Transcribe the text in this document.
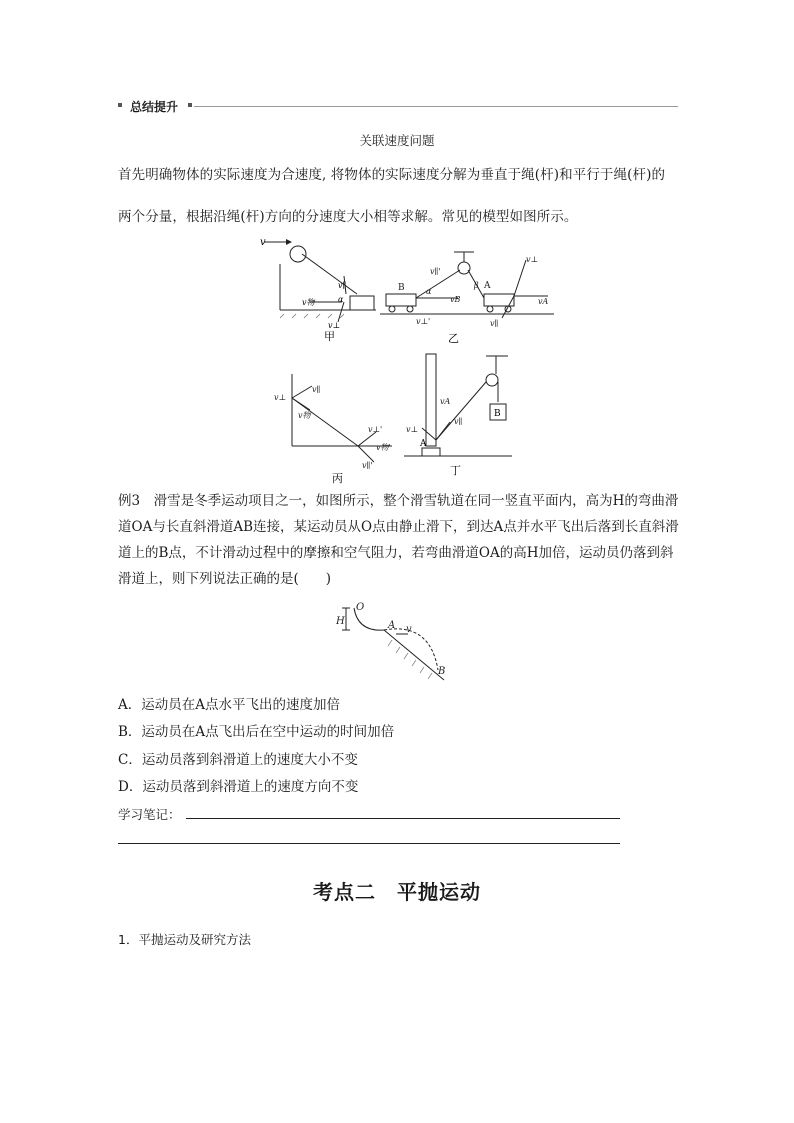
总结提升
关联速度问题
首先明确物体的实际速度为合速度, 将物体的实际速度分解为垂直于绳(杆)和平行于绳(杆)的
两个分量，根据沿绳(杆)方向的分速度大小相等求解。常见的模型如图所示。
v
v∥
v物	α
v⊥
甲
B	A
vB	vA
v∥'
v⊥'
α
β
v⊥
v∥
乙
v⊥
v∥
v物
v⊥'
v物'
v∥'
丙
vA
v∥
v⊥
A
B
丁
例3　 滑雪是冬季运动项目之一，如图所示，整个滑雪轨道在同一竖直平面内，高为H的弯曲滑道OA与长直斜滑道AB连接，某运动员从O点由静止滑下，到达A点并水平飞出后落到长直斜滑道上的B点，不计滑动过程中的摩擦和空气阻力，若弯曲滑道OA的高H加倍，运动员仍落到斜滑道上，则下列说法正确的是(　　)
O
H	A v
B
A．运动员在A点水平飞出的速度加倍
B．运动员在A点飞出后在空中运动的时间加倍
C．运动员落到斜滑道上的速度大小不变
D．运动员落到斜滑道上的速度方向不变
学习笔记：
考点二　平抛运动
1．平抛运动及研究方法
